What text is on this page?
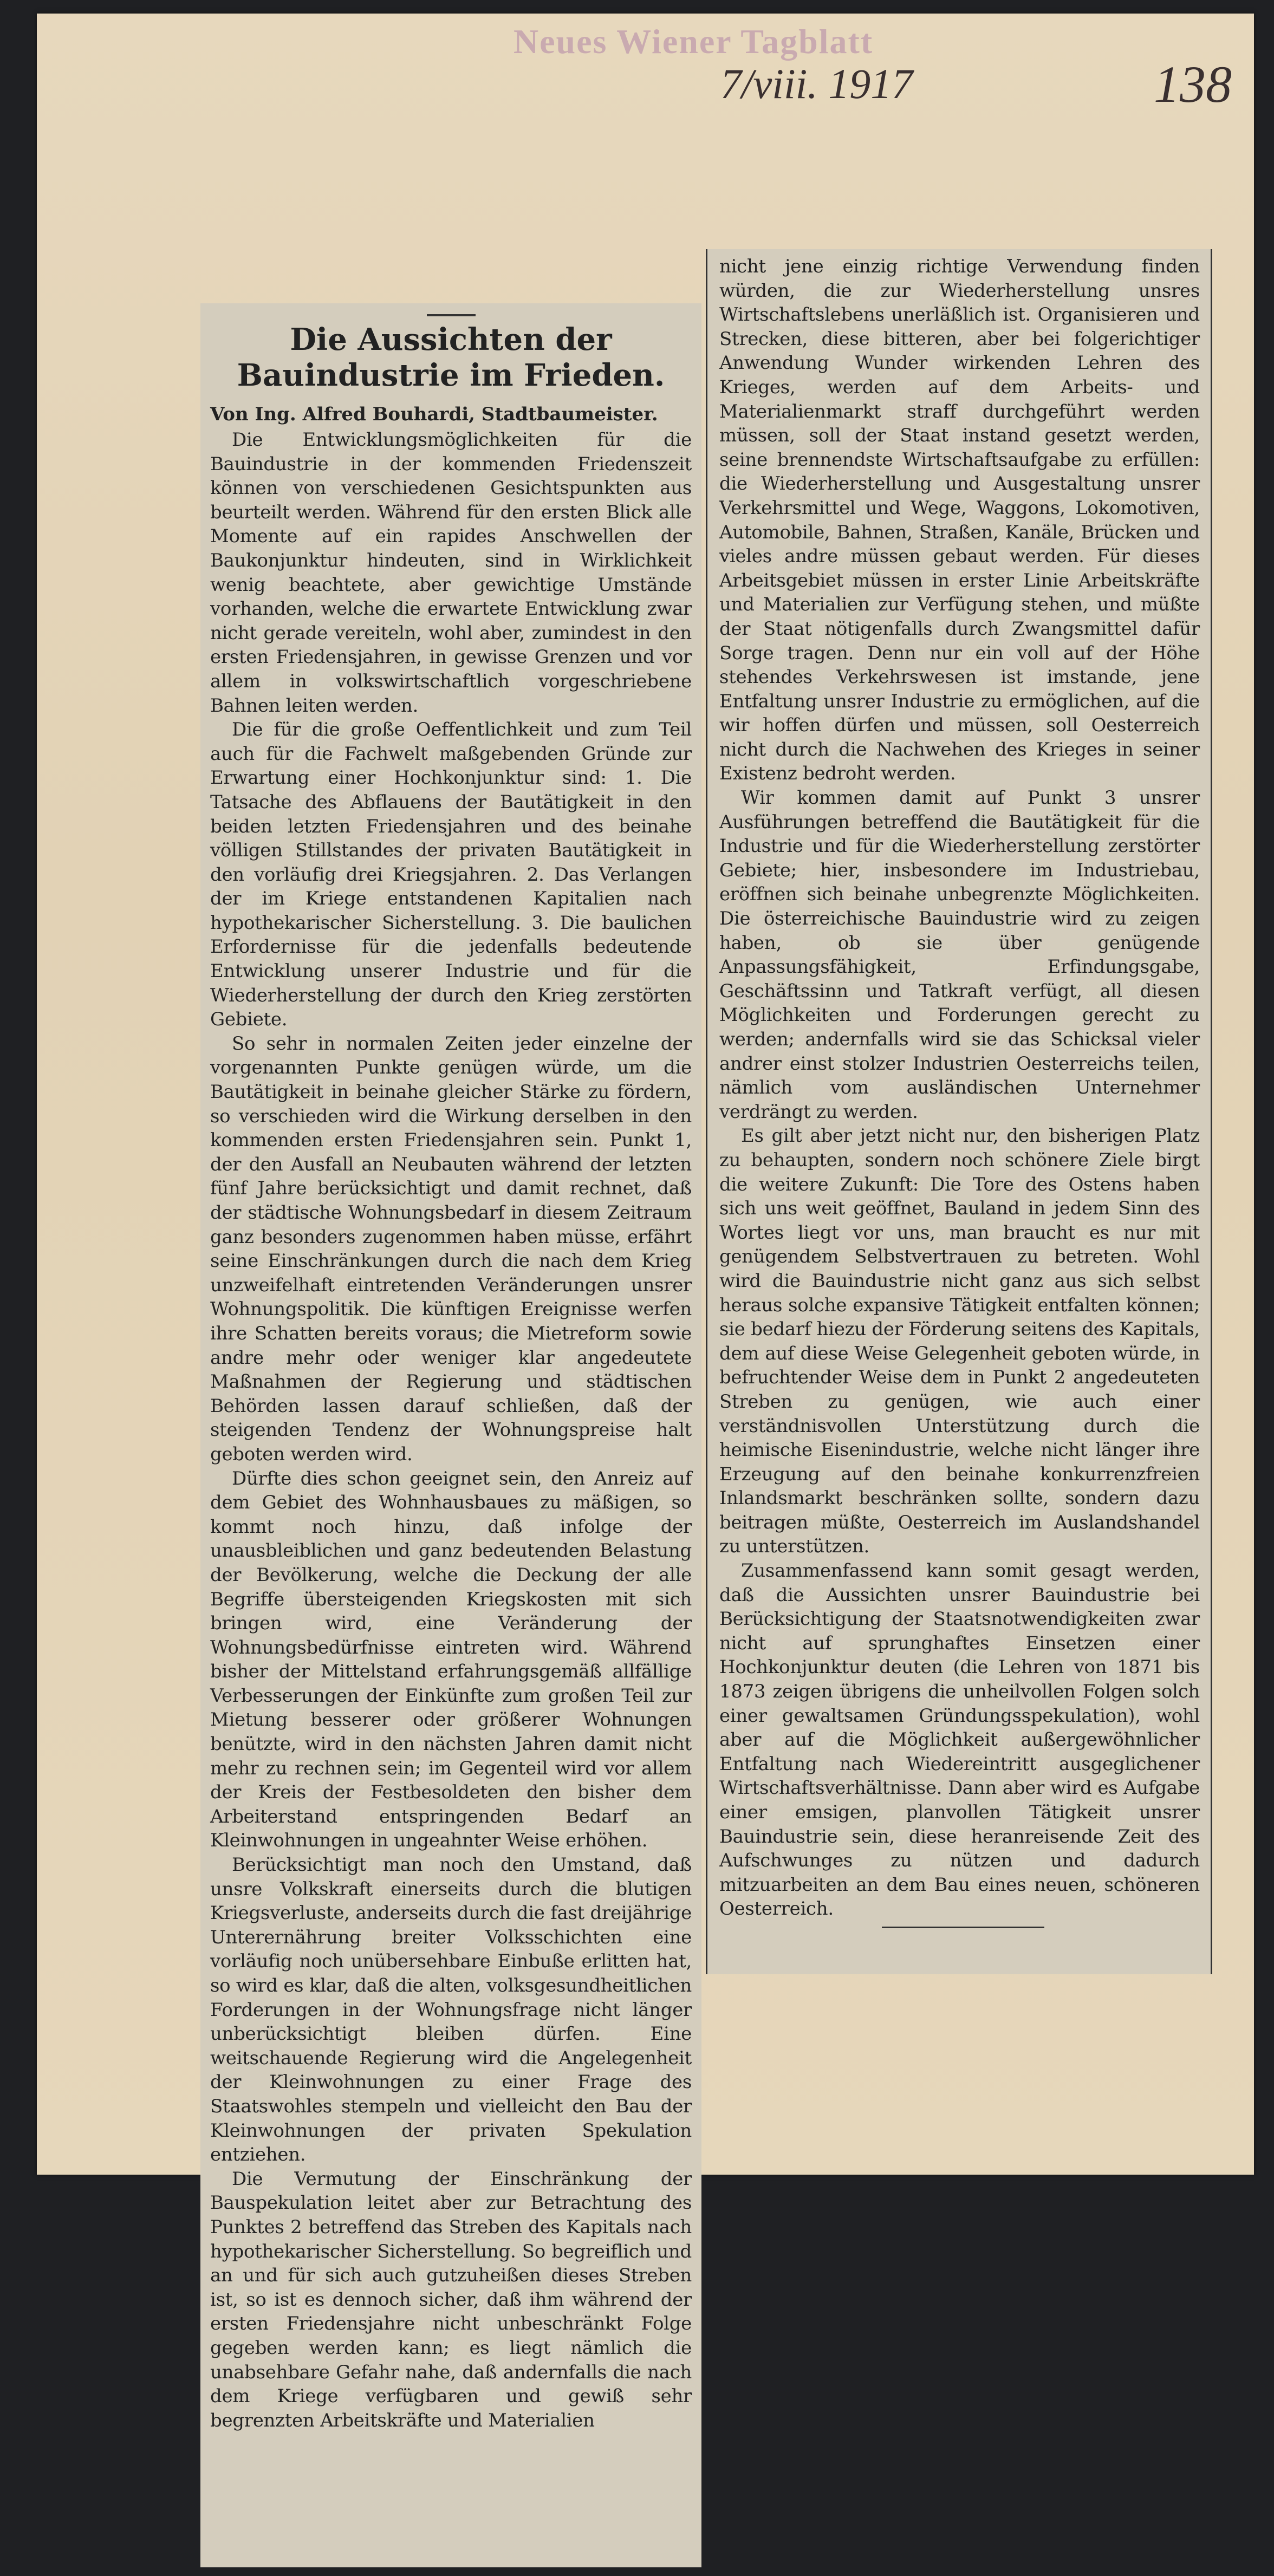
Neues Wiener Tagblatt
7/viii. 1917	138
Die Aussichten der Bauindustrie im Frieden.
Von Ing. Alfred Bouhardi, Stadtbaumeister.

Die Entwicklungsmöglichkeiten für die Bauindustrie in der kommenden Friedenszeit können von verschiedenen Gesichtspunkten aus beurteilt werden. Während für den ersten Blick alle Momente auf ein rapides Anschwellen der Baukonjunktur hindeuten, sind in Wirklichkeit wenig beachtete, aber gewichtige Umstände vorhanden, welche die erwartete Entwicklung zwar nicht gerade vereiteln, wohl aber, zumindest in den ersten Friedensjahren, in gewisse Grenzen und vor allem in volkswirtschaftlich vorgeschriebene Bahnen leiten werden.

Die für die große Oeffentlichkeit und zum Teil auch für die Fachwelt maßgebenden Gründe zur Erwartung einer Hochkonjunktur sind: 1. Die Tatsache des Abflauens der Bautätigkeit in den beiden letzten Friedensjahren und des beinahe völligen Stillstandes der privaten Bautätigkeit in den vorläufig drei Kriegsjahren. 2. Das Verlangen der im Kriege entstandenen Kapitalien nach hypothekarischer Sicherstellung. 3. Die baulichen Erfordernisse für die jedenfalls bedeutende Entwicklung unserer Industrie und für die Wiederherstellung der durch den Krieg zerstörten Gebiete.

So sehr in normalen Zeiten jeder einzelne der vorgenannten Punkte genügen würde, um die Bautätigkeit in beinahe gleicher Stärke zu fördern, so verschieden wird die Wirkung derselben in den kommenden ersten Friedensjahren sein. Punkt 1, der den Ausfall an Neubauten während der letzten fünf Jahre berücksichtigt und damit rechnet, daß der städtische Wohnungsbedarf in diesem Zeitraum ganz besonders zugenommen haben müsse, erfährt seine Einschränkungen durch die nach dem Krieg unzweifelhaft eintretenden Veränderungen unsrer Wohnungspolitik. Die künftigen Ereignisse werfen ihre Schatten bereits voraus; die Mietreform sowie andre mehr oder weniger klar angedeutete Maßnahmen der Regierung und städtischen Behörden lassen darauf schließen, daß der steigenden Tendenz der Wohnungspreise halt geboten werden wird.

Dürfte dies schon geeignet sein, den Anreiz auf dem Gebiet des Wohnhausbaues zu mäßigen, so kommt noch hinzu, daß infolge der unausbleiblichen und ganz bedeutenden Belastung der Bevölkerung, welche die Deckung der alle Begriffe übersteigenden Kriegskosten mit sich bringen wird, eine Veränderung der Wohnungsbedürfnisse eintreten wird. Während bisher der Mittelstand erfahrungsgemäß allfällige Verbesserungen der Einkünfte zum großen Teil zur Mietung besserer oder größerer Wohnungen benützte, wird in den nächsten Jahren damit nicht mehr zu rechnen sein; im Gegenteil wird vor allem der Kreis der Festbesoldeten den bisher dem Arbeiterstand entspringenden Bedarf an Kleinwohnungen in ungeahnter Weise erhöhen.

Berücksichtigt man noch den Umstand, daß unsre Volkskraft einerseits durch die blutigen Kriegsverluste, anderseits durch die fast dreijährige Unterernährung breiter Volksschichten eine vorläufig noch unübersehbare Einbuße erlitten hat, so wird es klar, daß die alten, volksgesundheitlichen Forderungen in der Wohnungsfrage nicht länger unberücksichtigt bleiben dürfen. Eine weitschauende Regierung wird die Angelegenheit der Kleinwohnungen zu einer Frage des Staatswohles stempeln und vielleicht den Bau der Kleinwohnungen der privaten Spekulation entziehen.

Die Vermutung der Einschränkung der Bauspekulation leitet aber zur Betrachtung des Punktes 2 betreffend das Streben des Kapitals nach hypothekarischer Sicherstellung. So begreiflich und an und für sich auch gutzuheißen dieses Streben ist, so ist es dennoch sicher, daß ihm während der ersten Friedensjahre nicht unbeschränkt Folge gegeben werden kann; es liegt nämlich die unabsehbare Gefahr nahe, daß andernfalls die nach dem Kriege verfügbaren und gewiß sehr begrenzten Arbeitskräfte und Materialien

nicht jene einzig richtige Verwendung finden würden, die zur Wiederherstellung unsres Wirtschaftslebens unerläßlich ist. Organisieren und Strecken, diese bitteren, aber bei folgerichtiger Anwendung Wunder wirkenden Lehren des Krieges, werden auf dem Arbeits- und Materialienmarkt straff durchgeführt werden müssen, soll der Staat instand gesetzt werden, seine brennendste Wirtschaftsaufgabe zu erfüllen: die Wiederherstellung und Ausgestaltung unsrer Verkehrsmittel und Wege, Waggons, Lokomotiven, Automobile, Bahnen, Straßen, Kanäle, Brücken und vieles andre müssen gebaut werden. Für dieses Arbeitsgebiet müssen in erster Linie Arbeitskräfte und Materialien zur Verfügung stehen, und müßte der Staat nötigenfalls durch Zwangsmittel dafür Sorge tragen. Denn nur ein voll auf der Höhe stehendes Verkehrswesen ist imstande, jene Entfaltung unsrer Industrie zu ermöglichen, auf die wir hoffen dürfen und müssen, soll Oesterreich nicht durch die Nachwehen des Krieges in seiner Existenz bedroht werden.

Wir kommen damit auf Punkt 3 unsrer Ausführungen betreffend die Bautätigkeit für die Industrie und für die Wiederherstellung zerstörter Gebiete; hier, insbesondere im Industriebau, eröffnen sich beinahe unbegrenzte Möglichkeiten. Die österreichische Bauindustrie wird zu zeigen haben, ob sie über genügende Anpassungsfähigkeit, Erfindungsgabe, Geschäftssinn und Tatkraft verfügt, all diesen Möglichkeiten und Forderungen gerecht zu werden; andernfalls wird sie das Schicksal vieler andrer einst stolzer Industrien Oesterreichs teilen, nämlich vom ausländischen Unternehmer verdrängt zu werden.

Es gilt aber jetzt nicht nur, den bisherigen Platz zu behaupten, sondern noch schönere Ziele birgt die weitere Zukunft: Die Tore des Ostens haben sich uns weit geöffnet, Bauland in jedem Sinn des Wortes liegt vor uns, man braucht es nur mit genügendem Selbstvertrauen zu betreten. Wohl wird die Bauindustrie nicht ganz aus sich selbst heraus solche expansive Tätigkeit entfalten können; sie bedarf hiezu der Förderung seitens des Kapitals, dem auf diese Weise Gelegenheit geboten würde, in befruchtender Weise dem in Punkt 2 angedeuteten Streben zu genügen, wie auch einer verständnisvollen Unterstützung durch die heimische Eisenindustrie, welche nicht länger ihre Erzeugung auf den beinahe konkurrenzfreien Inlandsmarkt beschränken sollte, sondern dazu beitragen müßte, Oesterreich im Auslandshandel zu unterstützen.

Zusammenfassend kann somit gesagt werden, daß die Aussichten unsrer Bauindustrie bei Berücksichtigung der Staatsnotwendigkeiten zwar nicht auf sprunghaftes Einsetzen einer Hochkonjunktur deuten (die Lehren von 1871 bis 1873 zeigen übrigens die unheilvollen Folgen solch einer gewaltsamen Gründungsspekulation), wohl aber auf die Möglichkeit außergewöhnlicher Entfaltung nach Wiedereintritt ausgeglichener Wirtschaftsverhältnisse. Dann aber wird es Aufgabe einer emsigen, planvollen Tätigkeit unsrer Bauindustrie sein, diese heranreisende Zeit des Aufschwunges zu nützen und dadurch mitzuarbeiten an dem Bau eines neuen, schöneren Oesterreich.
